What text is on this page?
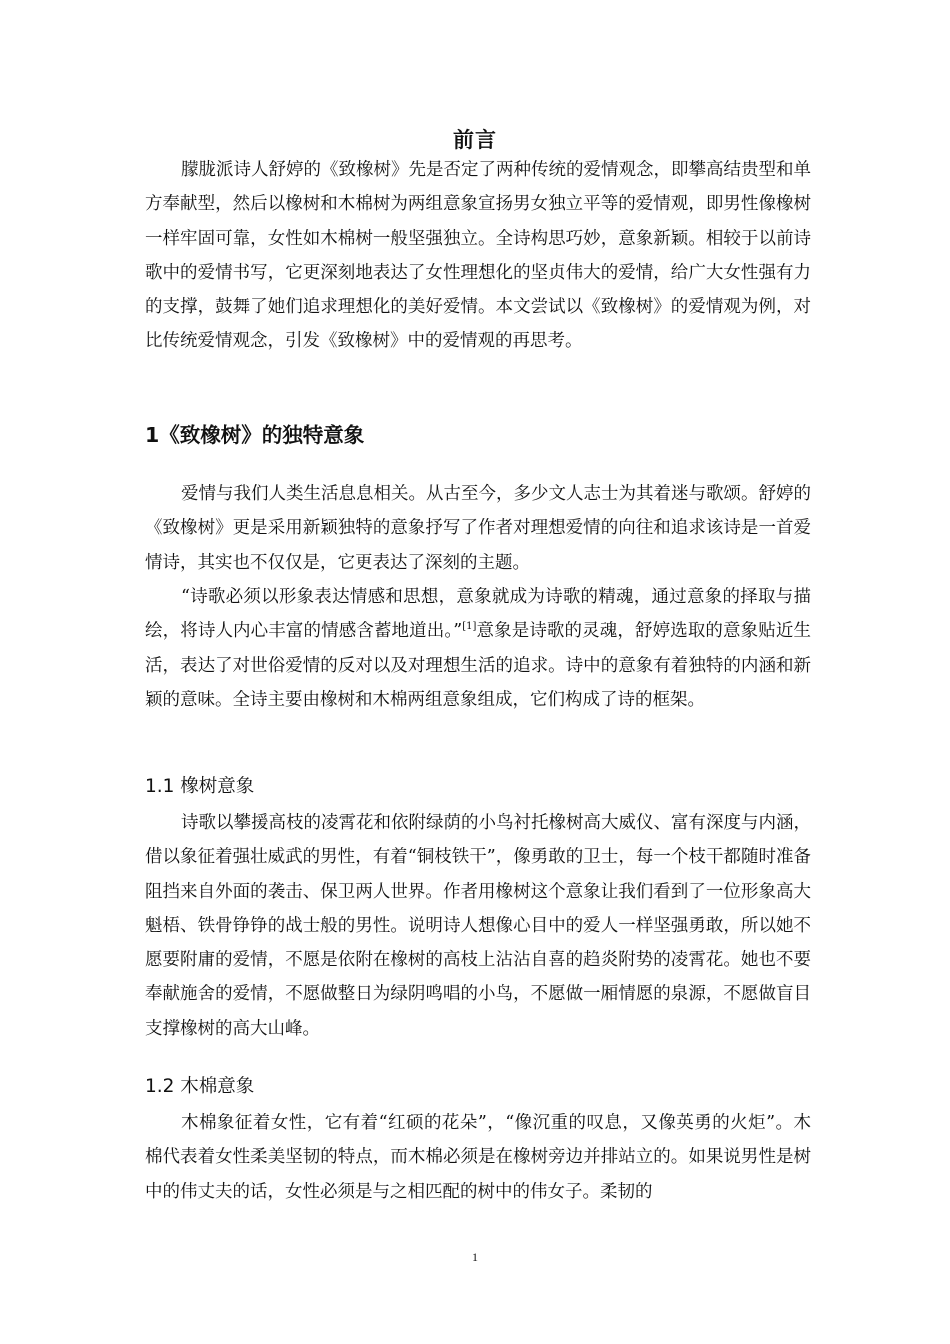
前言

朦胧派诗人舒婷的《致橡树》先是否定了两种传统的爱情观念，即攀高结贵型和单方奉献型，然后以橡树和木棉树为两组意象宣扬男女独立平等的爱情观，即男性像橡树一样牢固可靠，女性如木棉树一般坚强独立。全诗构思巧妙，意象新颖。相较于以前诗歌中的爱情书写，它更深刻地表达了女性理想化的坚贞伟大的爱情，给广大女性强有力的支撑，鼓舞了她们追求理想化的美好爱情。本文尝试以《致橡树》的爱情观为例，对比传统爱情观念，引发《致橡树》中的爱情观的再思考。

1《致橡树》的独特意象

爱情与我们人类生活息息相关。从古至今，多少文人志士为其着迷与歌颂。舒婷的《致橡树》更是采用新颖独特的意象抒写了作者对理想爱情的向往和追求该诗是一首爱情诗，其实也不仅仅是，它更表达了深刻的主题。

“诗歌必须以形象表达情感和思想，意象就成为诗歌的精魂，通过意象的择取与描绘，将诗人内心丰富的情感含蓄地道出。”[1]意象是诗歌的灵魂，舒婷选取的意象贴近生活，表达了对世俗爱情的反对以及对理想生活的追求。诗中的意象有着独特的内涵和新颖的意味。全诗主要由橡树和木棉两组意象组成，它们构成了诗的框架。

1.1 橡树意象

诗歌以攀援高枝的凌霄花和依附绿荫的小鸟衬托橡树高大威仪、富有深度与内涵，借以象征着强壮威武的男性，有着“铜枝铁干”，像勇敢的卫士，每一个枝干都随时准备阻挡来自外面的袭击、保卫两人世界。作者用橡树这个意象让我们看到了一位形象高大魁梧、铁骨铮铮的战士般的男性。说明诗人想像心目中的爱人一样坚强勇敢，所以她不愿要附庸的爱情，不愿是依附在橡树的高枝上沾沾自喜的趋炎附势的凌霄花。她也不要奉献施舍的爱情，不愿做整日为绿阴鸣唱的小鸟，不愿做一厢情愿的泉源，不愿做盲目支撑橡树的高大山峰。

1.2 木棉意象

木棉象征着女性，它有着“红硕的花朵”，“像沉重的叹息，又像英勇的火炬”。木棉代表着女性柔美坚韧的特点，而木棉必须是在橡树旁边并排站立的。如果说男性是树中的伟丈夫的话，女性必须是与之相匹配的树中的伟女子。柔韧的

1
